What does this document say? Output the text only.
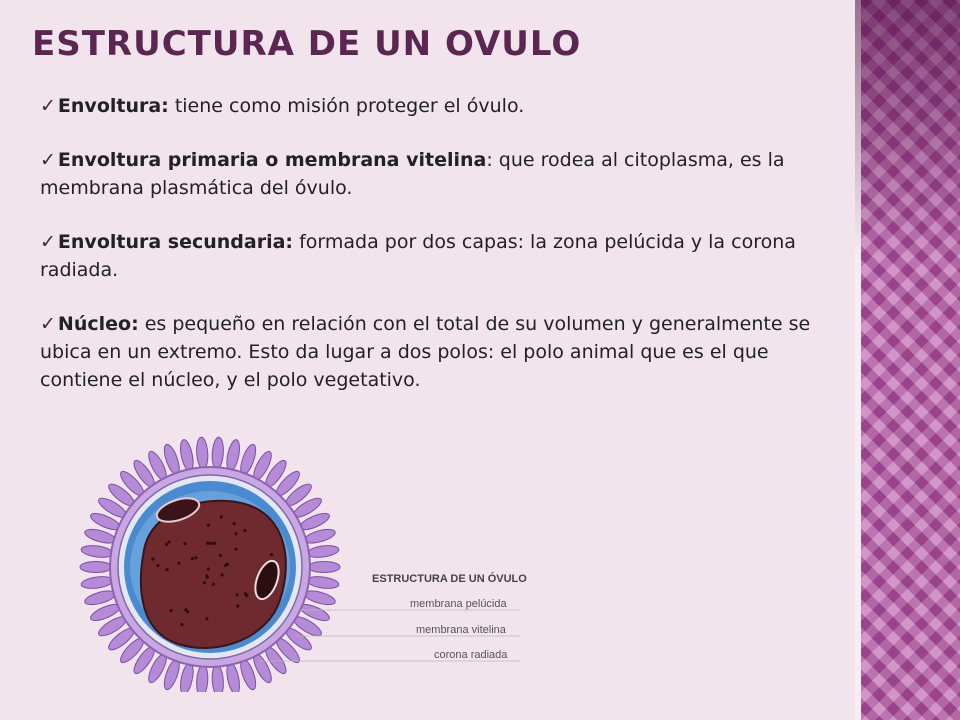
ESTRUCTURA DE UN OVULO
✓ Envoltura: tiene como misión proteger el óvulo.
✓ Envoltura primaria o membrana vitelina: que rodea al citoplasma, es la membrana plasmática del óvulo.
✓ Envoltura secundaria: formada por dos capas: la zona pelúcida y la corona radiada.
✓ Núcleo: es pequeño en relación con el total de su volumen y generalmente se ubica en un extremo. Esto da lugar a dos polos: el polo animal que es el que contiene el núcleo, y el polo vegetativo.
ESTRUCTURA DE UN ÓVULO
membrana pelúcida
membrana vitelina
corona radiada
